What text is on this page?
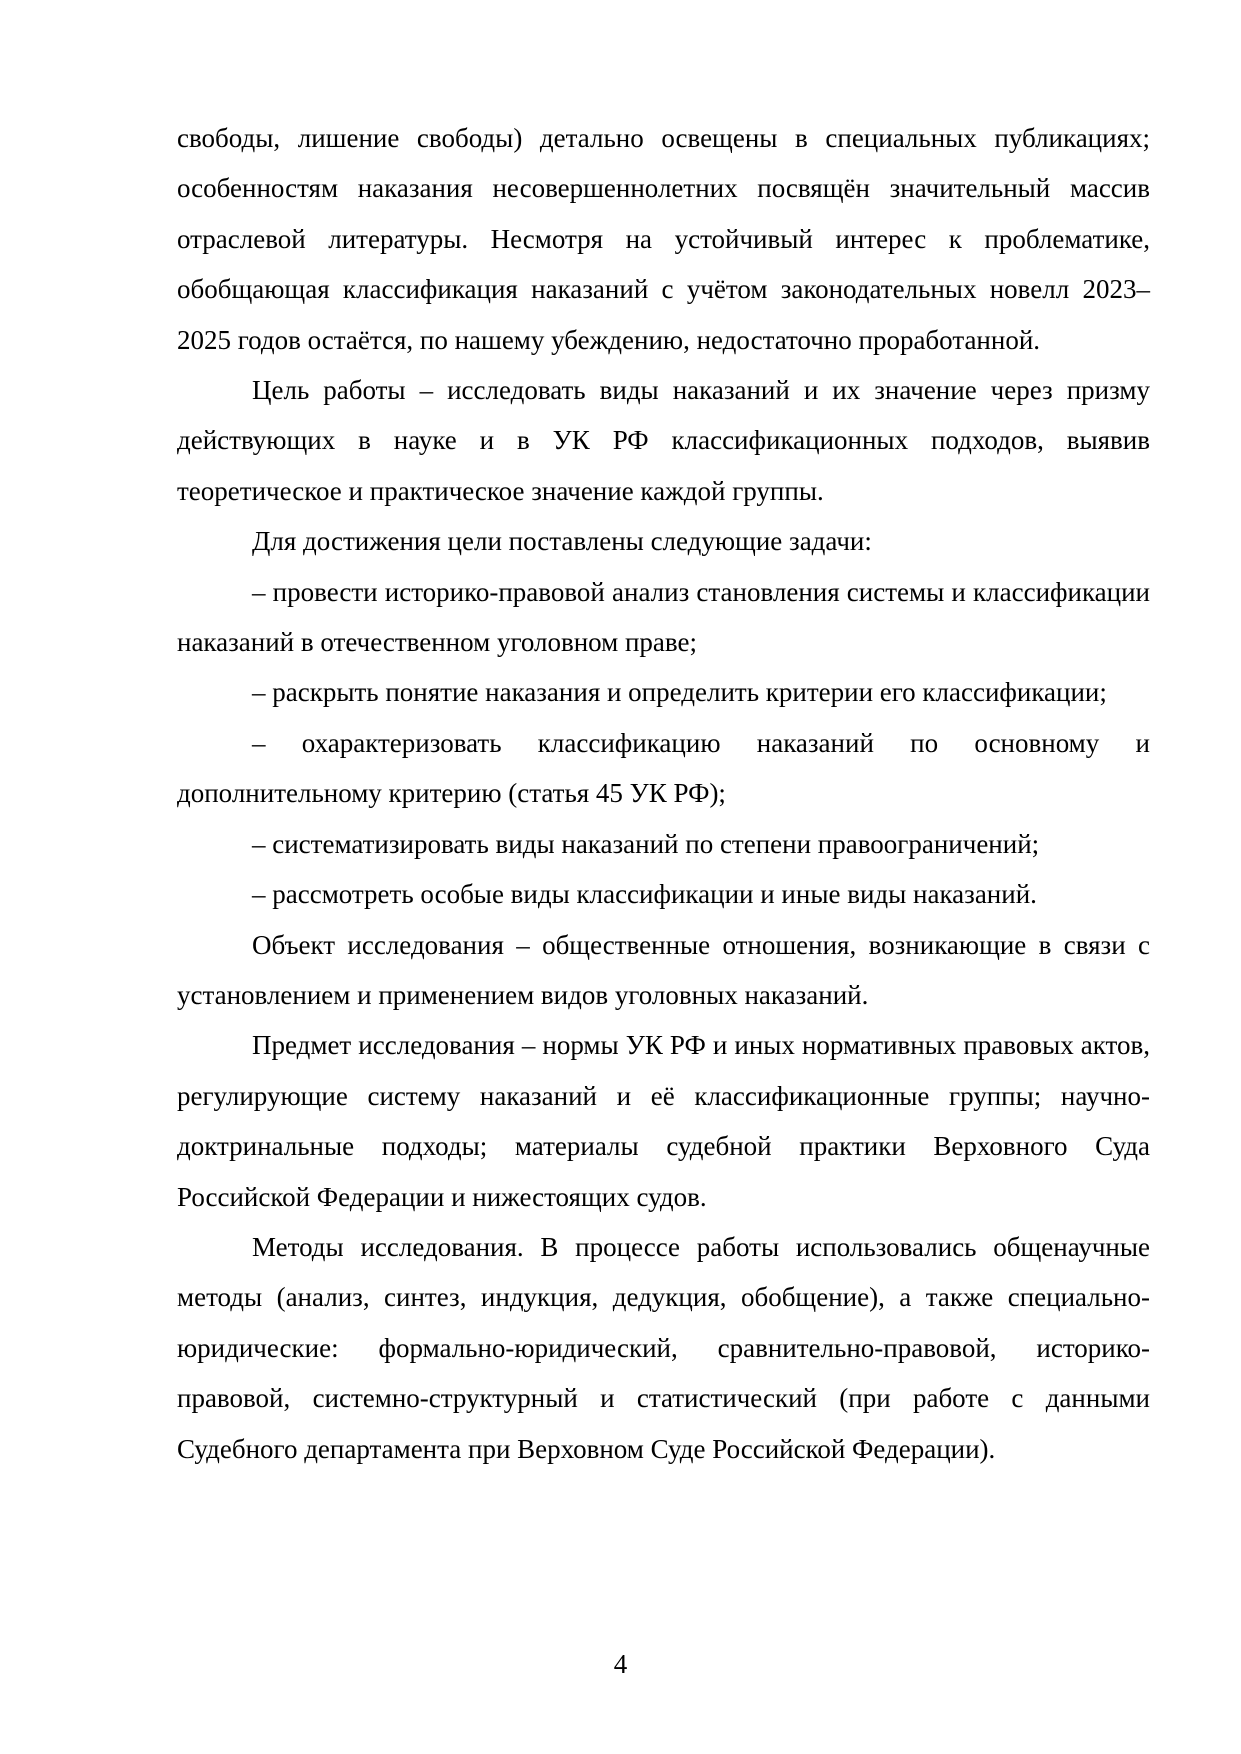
свободы, лишение свободы) детально освещены в специальных публикациях; особенностям наказания несовершеннолетних посвящён значительный массив отраслевой литературы. Несмотря на устойчивый интерес к проблематике, обобщающая классификация наказаний с учётом законодательных новелл 2023–2025 годов остаётся, по нашему убеждению, недостаточно проработанной.

Цель работы – исследовать виды наказаний и их значение через призму действующих в науке и в УК РФ классификационных подходов, выявив теоретическое и практическое значение каждой группы.

Для достижения цели поставлены следующие задачи:

– провести историко-правовой анализ становления системы и классификации наказаний в отечественном уголовном праве;

– раскрыть понятие наказания и определить критерии его классификации;

– охарактеризовать классификацию наказаний по основному и дополнительному критерию (статья 45 УК РФ);

– систематизировать виды наказаний по степени правоограничений;

– рассмотреть особые виды классификации и иные виды наказаний.

Объект исследования – общественные отношения, возникающие в связи с установлением и применением видов уголовных наказаний.

Предмет исследования – нормы УК РФ и иных нормативных правовых актов, регулирующие систему наказаний и её классификационные группы; научно-доктринальные подходы; материалы судебной практики Верховного Суда Российской Федерации и нижестоящих судов.

Методы исследования. В процессе работы использовались общенаучные методы (анализ, синтез, индукция, дедукция, обобщение), а также специально-юридические: формально-юридический, сравнительно-правовой, историко-правовой, системно-структурный и статистический (при работе с данными Судебного департамента при Верховном Суде Российской Федерации).

4
